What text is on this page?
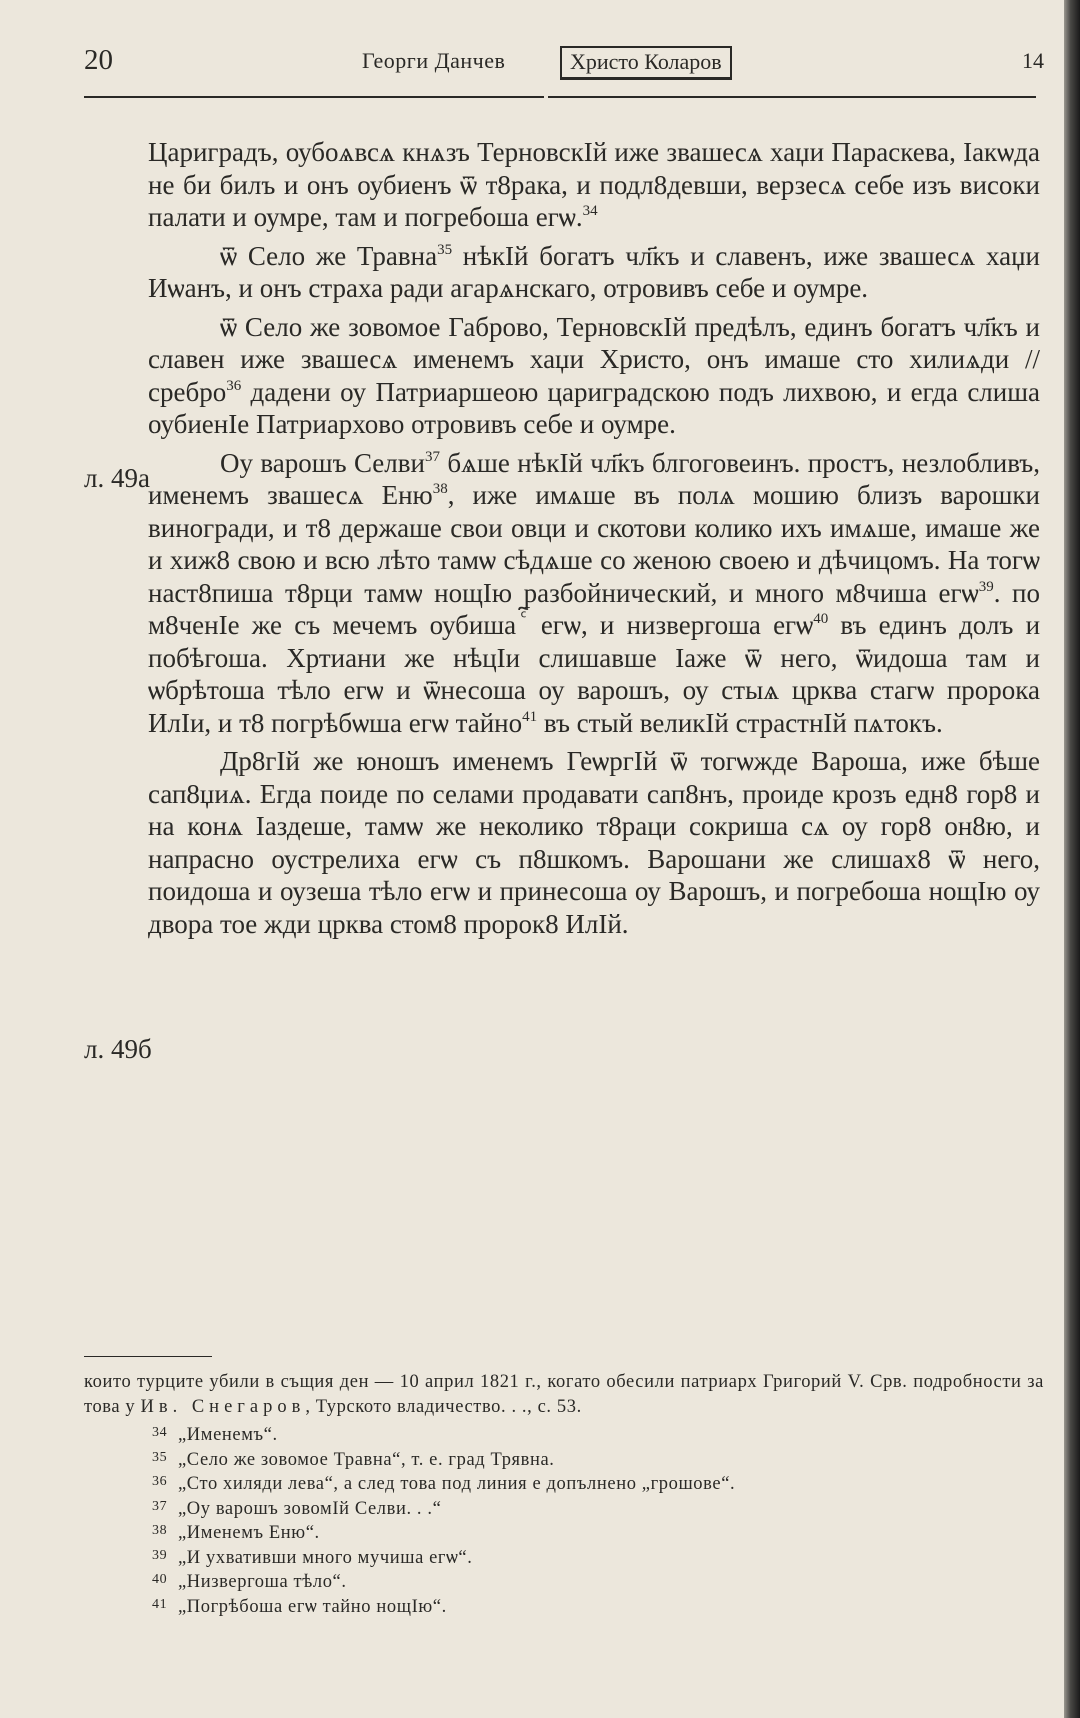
20	Георги Данчев	Христо Коларов	14
л. 49а
л. 49б

Цариградъ, оубоѧвсѧ кнѧзъ ТерновскІй иже звашесѧ хаџи Параскева, Іакѡда не би билъ и онъ оубиенъ ѿ т8рака, и подл8девши, верзесѧ себе изъ високи палати и оумре, там и погребоша егѡ.$^{34}$

ѿ Село же Травна$^{35}$ нѣкІй богатъ чл҃къ и славенъ, иже звашесѧ хаџи Иѡанъ, и онъ страха ради агарѧнскаго, отровивъ себе и оумре.

ѿ Село же зовомое Габрово, ТерновскІй предѣлъ, единъ богатъ чл҃къ и славен иже звашесѧ именемъ хаџи Христо, онъ имаше сто хилиѧди // сребро$^{36}$ дадени оу Патриаршеою цариградскою подъ лихвою, и егда слиша оубиенІе Патриархово отровивъ себе и оумре.

Оу варошъ Селви$^{37}$ бѧше нѣкІй чл҃къ блгоговеинъ. простъ, незлобливъ, именемъ звашесѧ Еню$^{38}$, иже имѧше въ полѧ мошию близъ варошки виногради, и т8 держаше свои овци и скотови колико ихъ имѧше, имаше же и хиж8 свою и всю лѣто тамѡ сѣдѧше со женою своею и дѣчицомъ. На тогѡ наст8пиша т8рци тамѡ нощІю разбойнический, и много м8чиша егѡ$^{39}$. по м8ченІе же съ мечемъ оубиша егѡ, и низвергоша егѡ$^{40}$ въ единъ долъ и побѣгоша. Хртиани же нѣцІи слишавше Іаже ѿ него, ѿидоша там и ѡбрѣтоша тѣло егѡ и ѿнесоша оу варошъ, оу стыѧ црква стагѡ пророка ИлІи, и т8 погрѣбѡша егѡ тайно$^{41}$ въ стый великІй страстнІй пѧтокъ.

Др8гІй же юношъ именемъ ГеѡргІй ѿ тогѡжде Вароша, иже бѣше сап8џиѧ. Егда поиде по селами продавати сап8нъ, проиде крозъ едн8 гор8 и на конѧ Іаздеше, тамѡ же неколико т8раци сокриша сѧ оу гор8 он8ю, и напрасно оустрелиха егѡ съ п8шкомъ. Варошани же слишах8 ѿ него, поидоша и оузеша тѣло егѡ и принесоша оу Варошъ, и погребоша нощІю оу двора тое жди црква стом8 пророк8 ИлІй.

които турците убили в същия ден — 10 април 1821 г., когато обесили патриарх Григорий V. Срв. подробности за това у Ив. Снегаров, Турското владичество. . ., с. 53.

34 „Именемъ“.

35 „Село же зовомое Травна“, т. е. град Трявна.

36 „Сто хиляди лева“, а след това под линия е допълнено „грошове“.

37 „Оу варошъ зовомІй Селви. . .“

38 „Именемъ Еню“.

39 „И ухвативши много мучиша егѡ“.

40 „Низвергоша тѣло“.

41 „Погрѣбоша егѡ тайно нощІю“.
